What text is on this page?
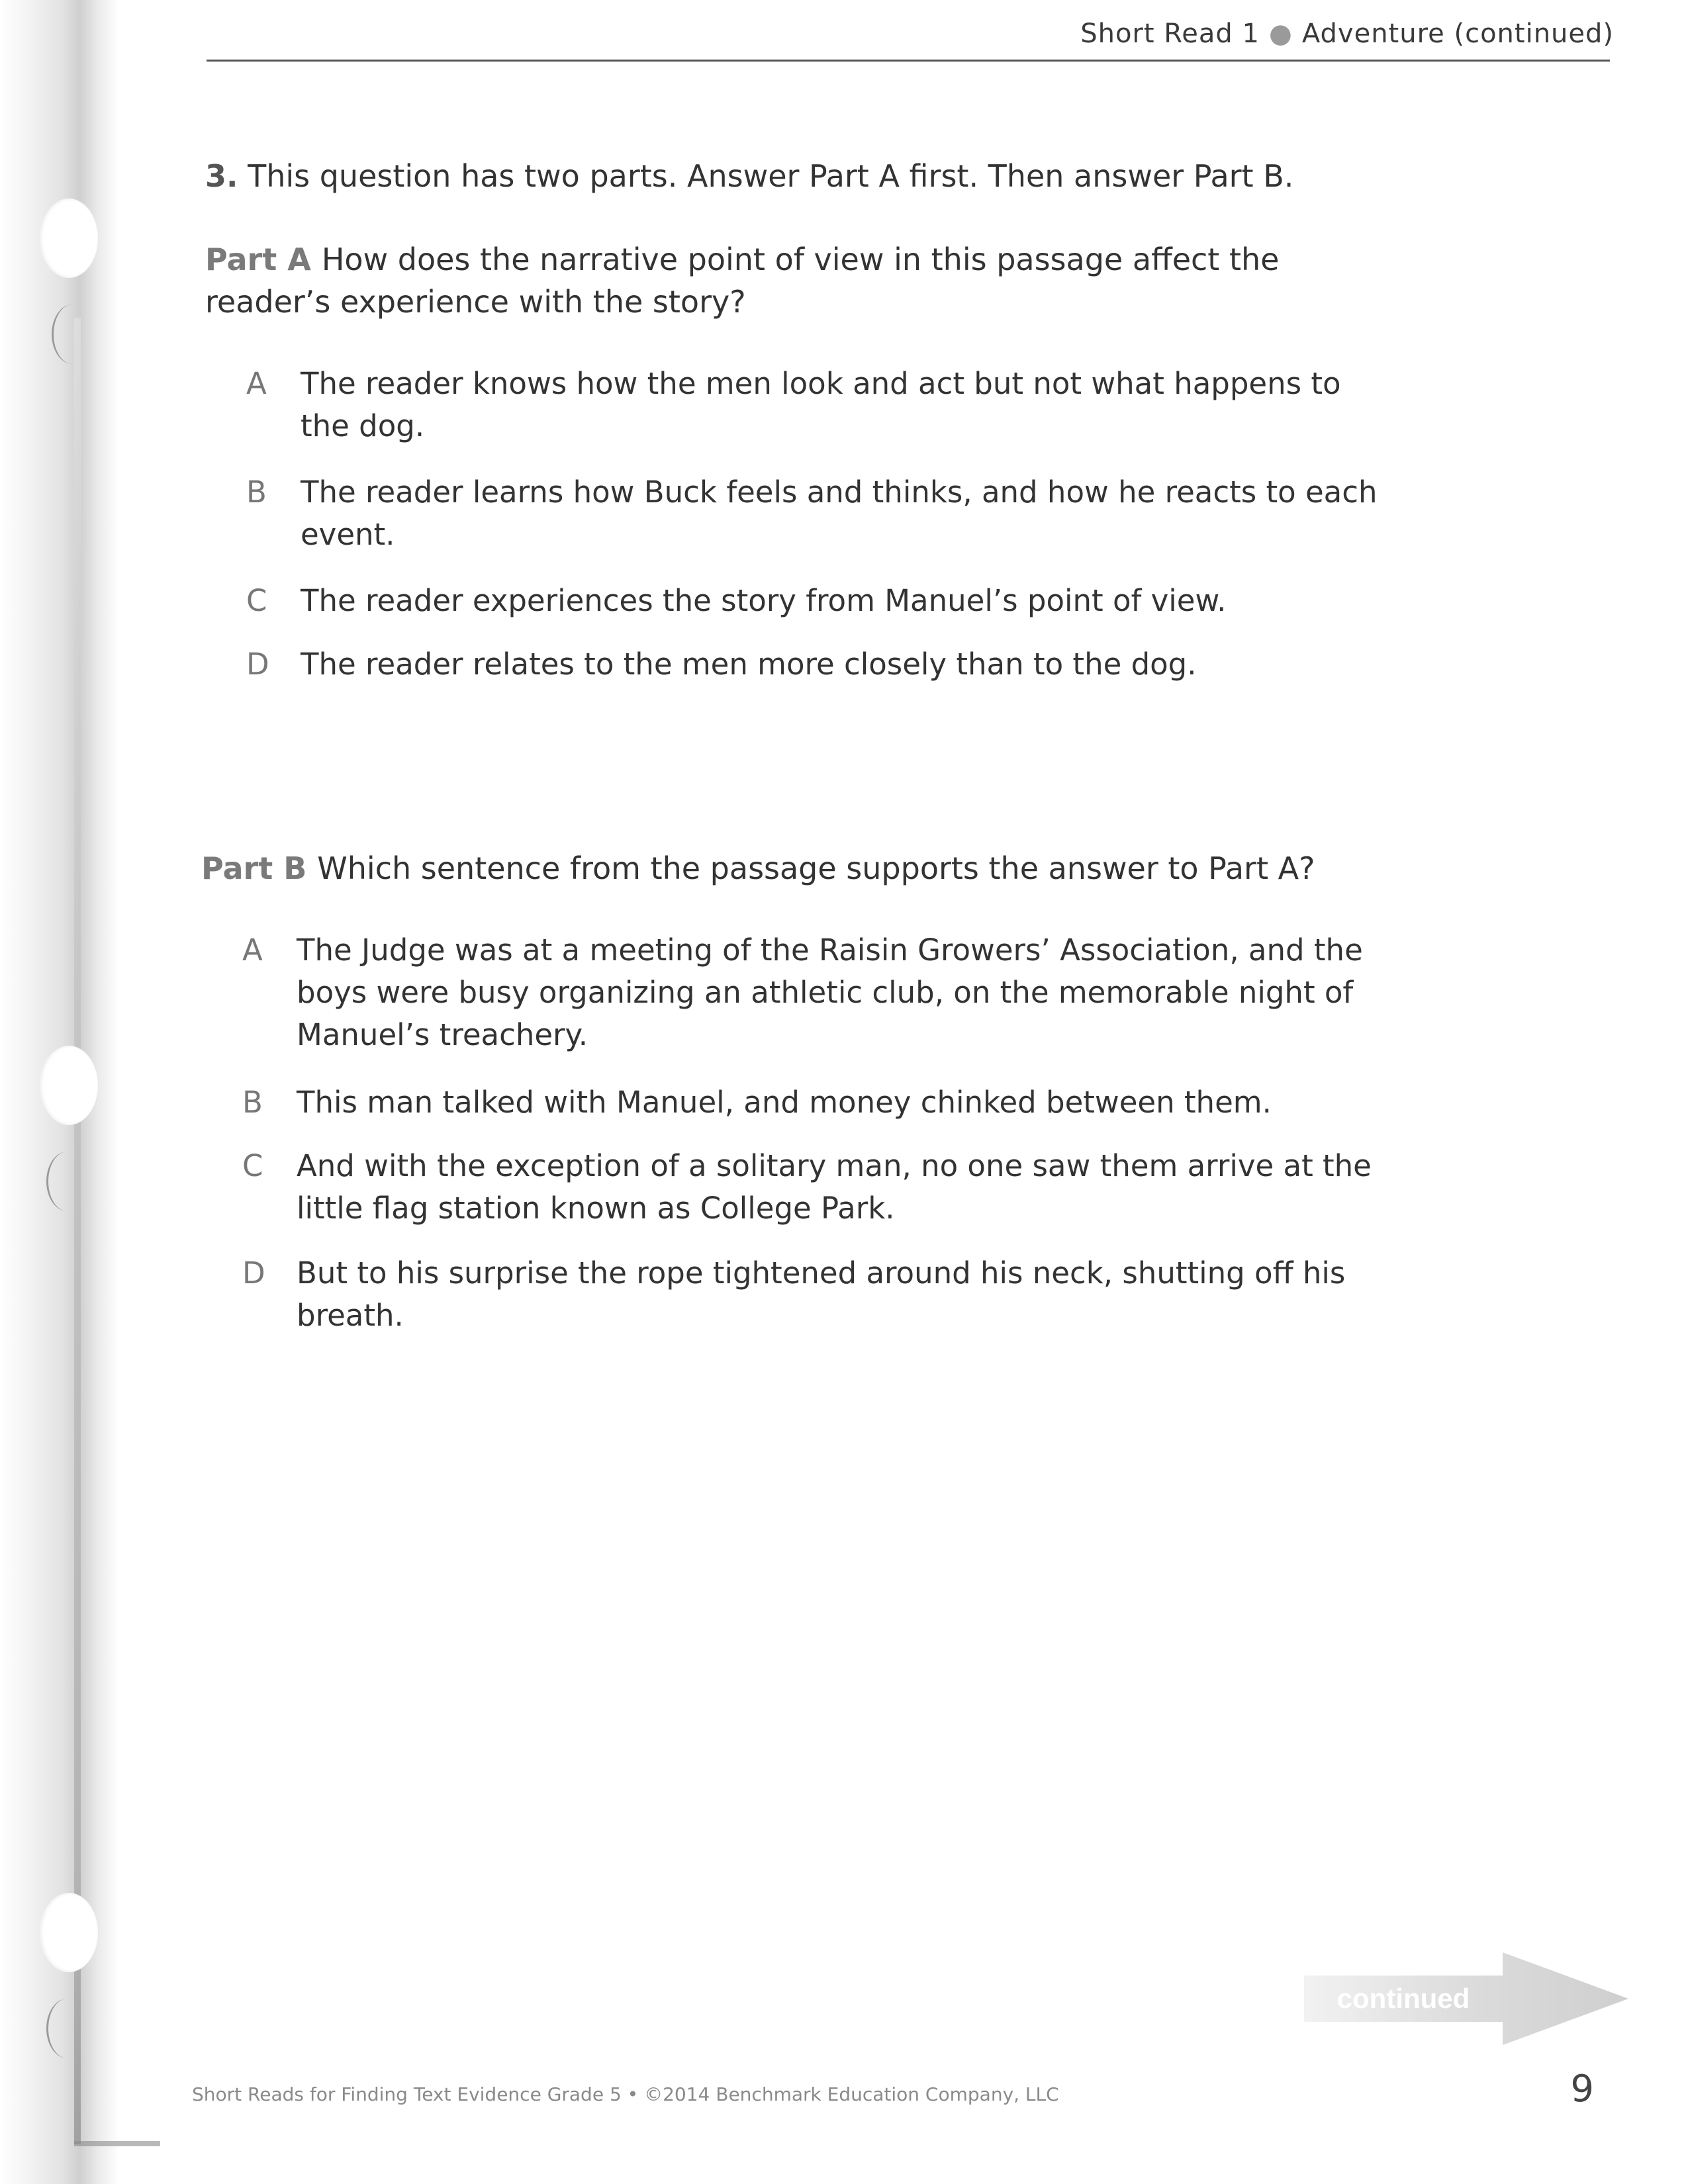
Short Read 1 ● Adventure (continued)
3. This question has two parts. Answer Part A first. Then answer Part B.
Part A How does the narrative point of view in this passage affect the reader’s experience with the story?
A	The reader knows how the men look and act but not what happens to the dog.
B	The reader learns how Buck feels and thinks, and how he reacts to each event.
C	The reader experiences the story from Manuel’s point of view.
D	The reader relates to the men more closely than to the dog.
Part B Which sentence from the passage supports the answer to Part A?
A	The Judge was at a meeting of the Raisin Growers’ Association, and the boys were busy organizing an athletic club, on the memorable night of Manuel’s treachery.
B	This man talked with Manuel, and money chinked between them.
C	And with the exception of a solitary man, no one saw them arrive at the little flag station known as College Park.
D	But to his surprise the rope tightened around his neck, shutting off his breath.
continued
Short Reads for Finding Text Evidence Grade 5 • ©2014 Benchmark Education Company, LLC	9
